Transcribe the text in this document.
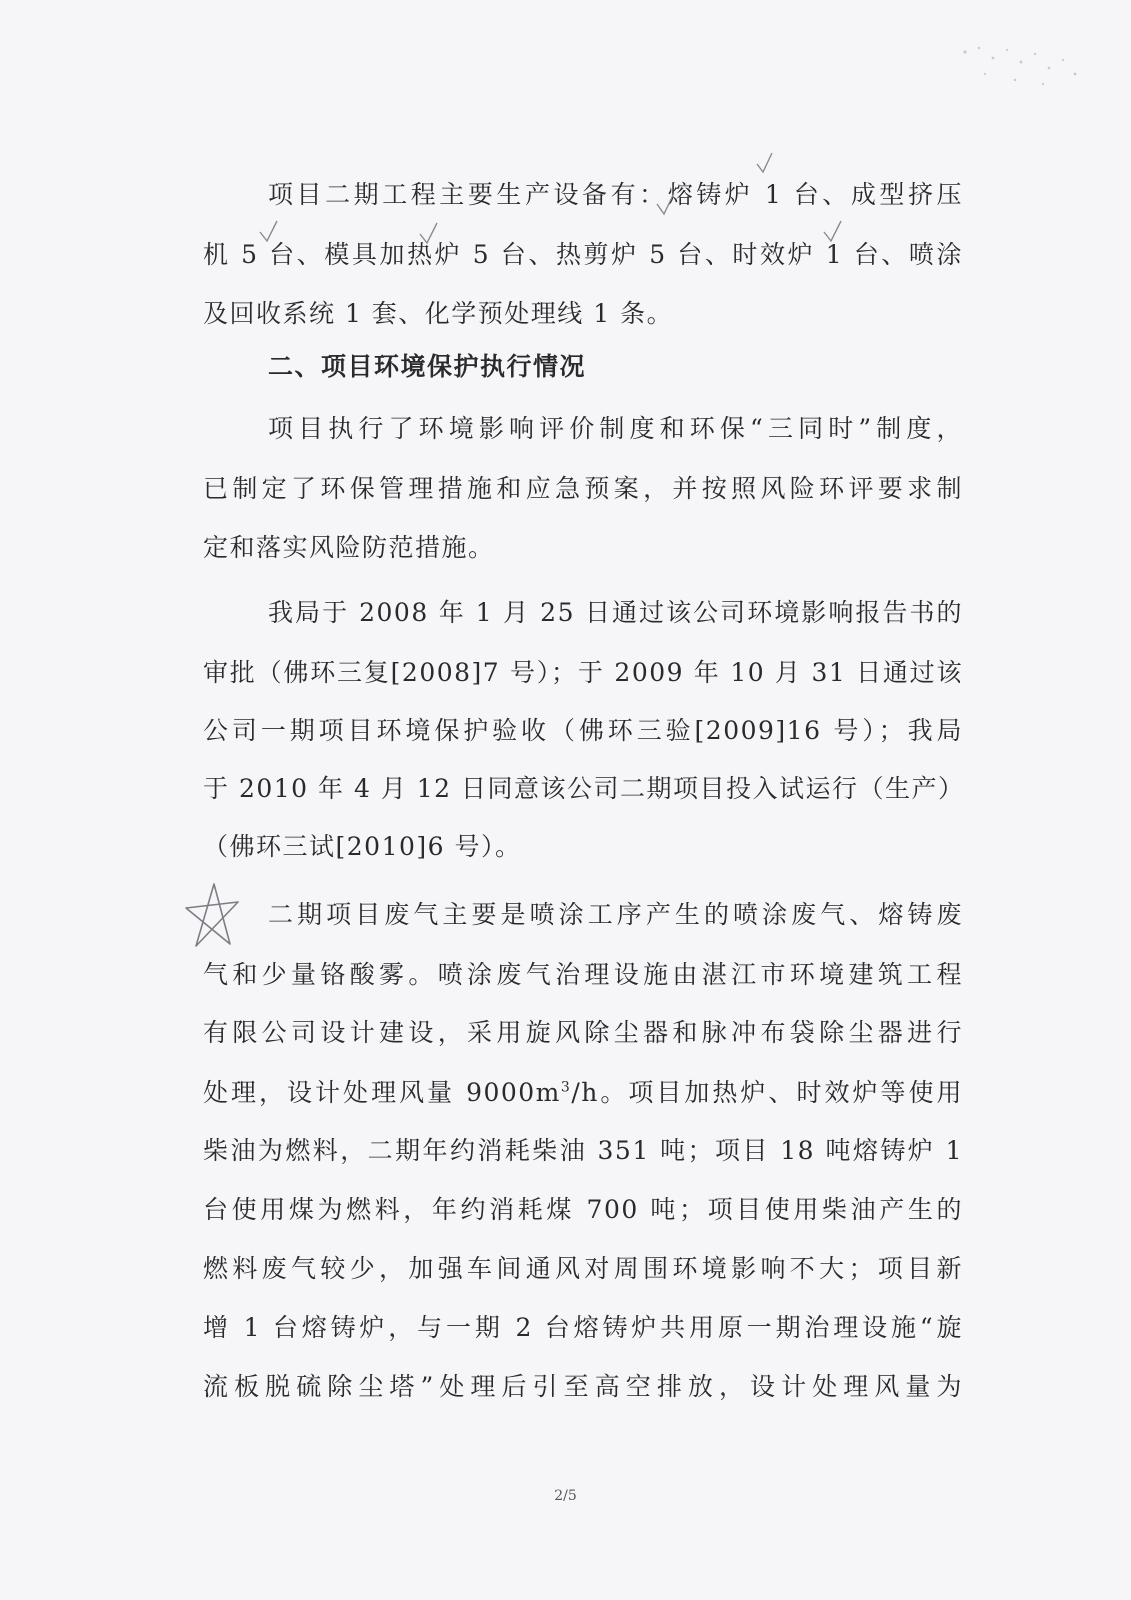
项目二期工程主要生产设备有：熔铸炉 1 台、成型挤压
机 5 台、模具加热炉 5 台、热剪炉 5 台、时效炉 1 台、喷涂
及回收系统 1 套、化学预处理线 1 条。
二、项目环境保护执行情况
项目执行了环境影响评价制度和环保“三同时”制度，
已制定了环保管理措施和应急预案，并按照风险环评要求制
定和落实风险防范措施。
我局于 2008 年 1 月 25 日通过该公司环境影响报告书的
审批（佛环三复[2008]7 号）；于 2009 年 10 月 31 日通过该
公司一期项目环境保护验收（佛环三验[2009]16 号）；我局
于 2010 年 4 月 12 日同意该公司二期项目投入试运行（生产）
（佛环三试[2010]6 号）。
二期项目废气主要是喷涂工序产生的喷涂废气、熔铸废
气和少量铬酸雾。喷涂废气治理设施由湛江市环境建筑工程
有限公司设计建设，采用旋风除尘器和脉冲布袋除尘器进行
处理，设计处理风量 $9000m^3/h$。项目加热炉、时效炉等使用
柴油为燃料，二期年约消耗柴油 351 吨；项目 18 吨熔铸炉 1
台使用煤为燃料，年约消耗煤 700 吨；项目使用柴油产生的
燃料废气较少，加强车间通风对周围环境影响不大；项目新
增 1 台熔铸炉，与一期 2 台熔铸炉共用原一期治理设施“旋
流板脱硫除尘塔”处理后引至高空排放，设计处理风量为
2/5
